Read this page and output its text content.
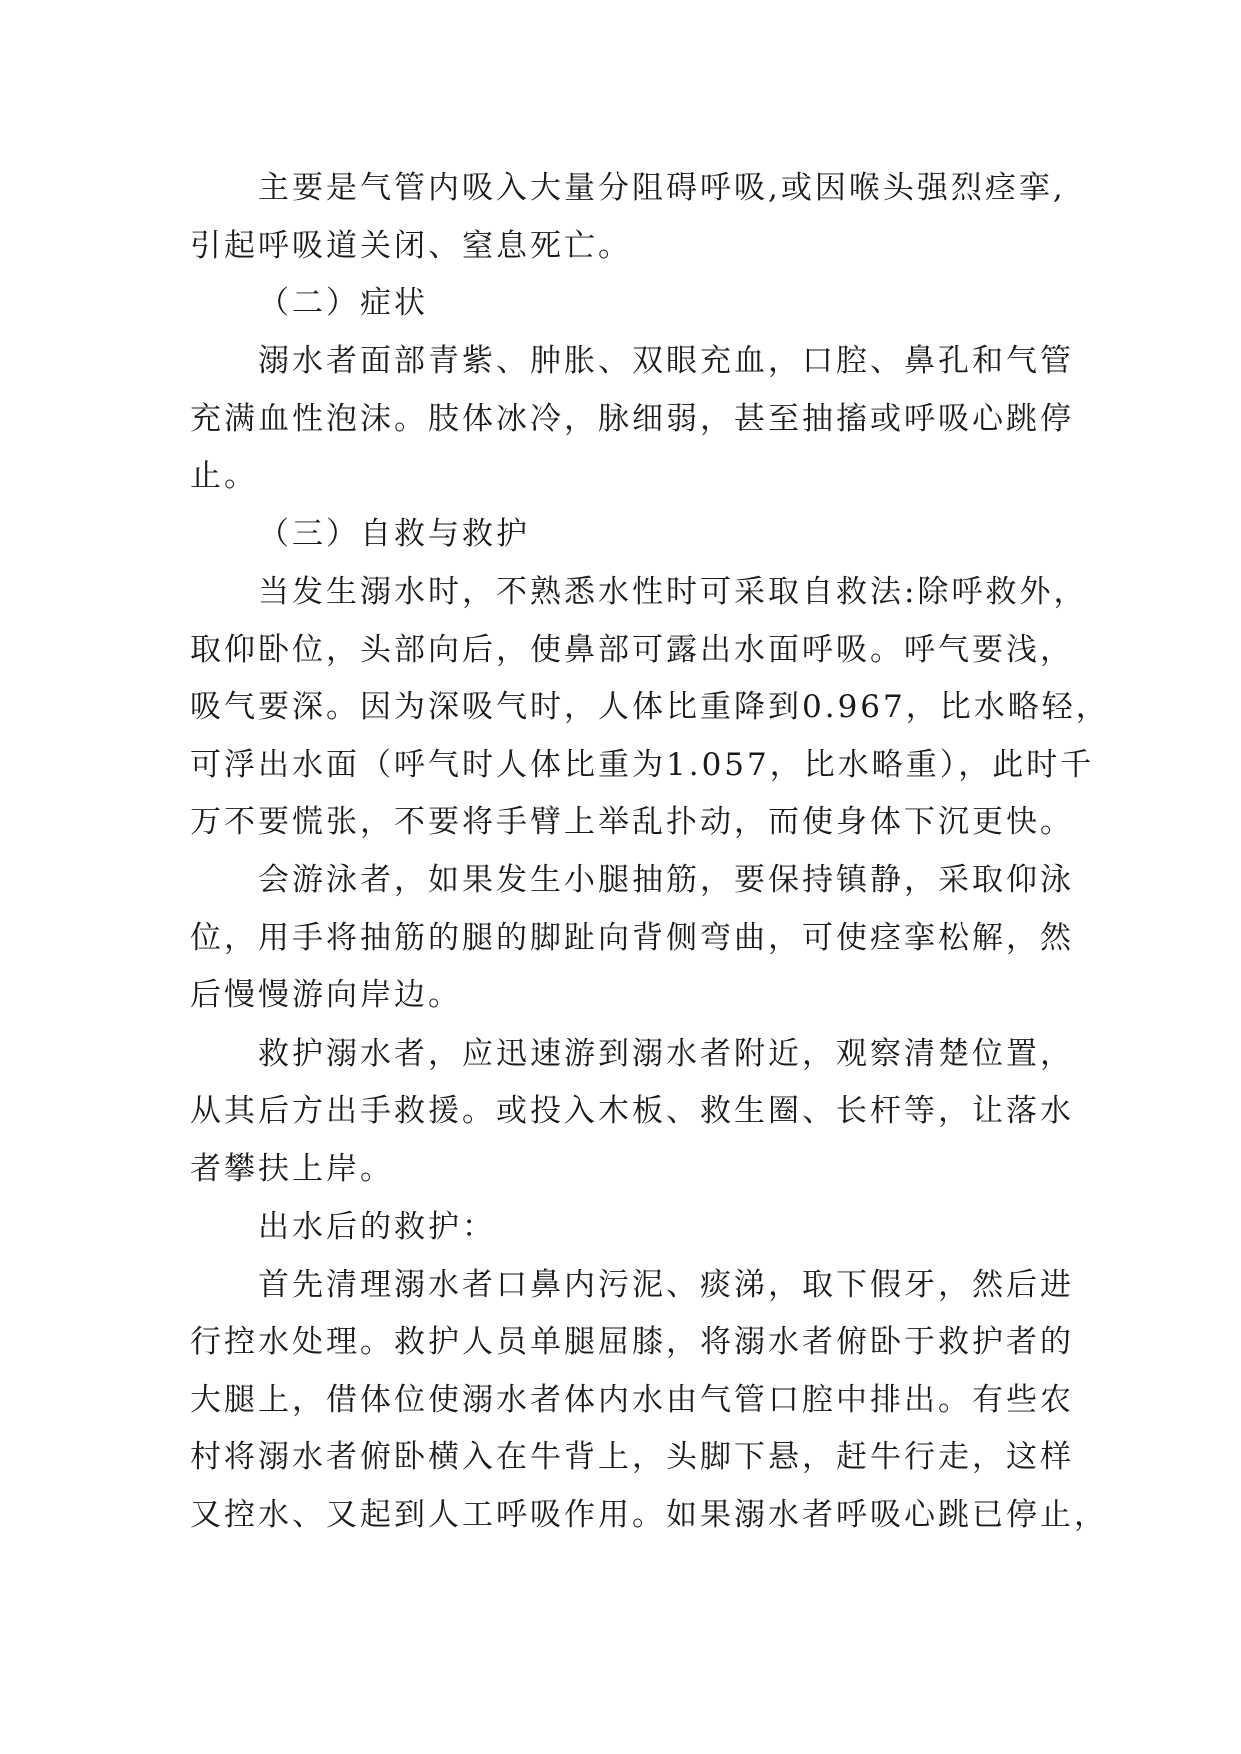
主要是气管内吸入大量分阻碍呼吸,或因喉头强烈痉挛,
引起呼吸道关闭、窒息死亡。
（二）症状
溺水者面部青紫、肿胀、双眼充血，口腔、鼻孔和气管
充满血性泡沫。肢体冰冷，脉细弱，甚至抽搐或呼吸心跳停
止。
（三）自救与救护
当发生溺水时，不熟悉水性时可采取自救法:除呼救外，
取仰卧位，头部向后，使鼻部可露出水面呼吸。呼气要浅，
吸气要深。因为深吸气时，人体比重降到0.967，比水略轻，
可浮出水面（呼气时人体比重为1.057，比水略重），此时千
万不要慌张，不要将手臂上举乱扑动，而使身体下沉更快。
会游泳者，如果发生小腿抽筋，要保持镇静，采取仰泳
位，用手将抽筋的腿的脚趾向背侧弯曲，可使痉挛松解，然
后慢慢游向岸边。
救护溺水者，应迅速游到溺水者附近，观察清楚位置，
从其后方出手救援。或投入木板、救生圈、长杆等，让落水
者攀扶上岸。
出水后的救护：
首先清理溺水者口鼻内污泥、痰涕，取下假牙，然后进
行控水处理。救护人员单腿屈膝，将溺水者俯卧于救护者的
大腿上，借体位使溺水者体内水由气管口腔中排出。有些农
村将溺水者俯卧横入在牛背上，头脚下悬，赶牛行走，这样
又控水、又起到人工呼吸作用。如果溺水者呼吸心跳已停止，
